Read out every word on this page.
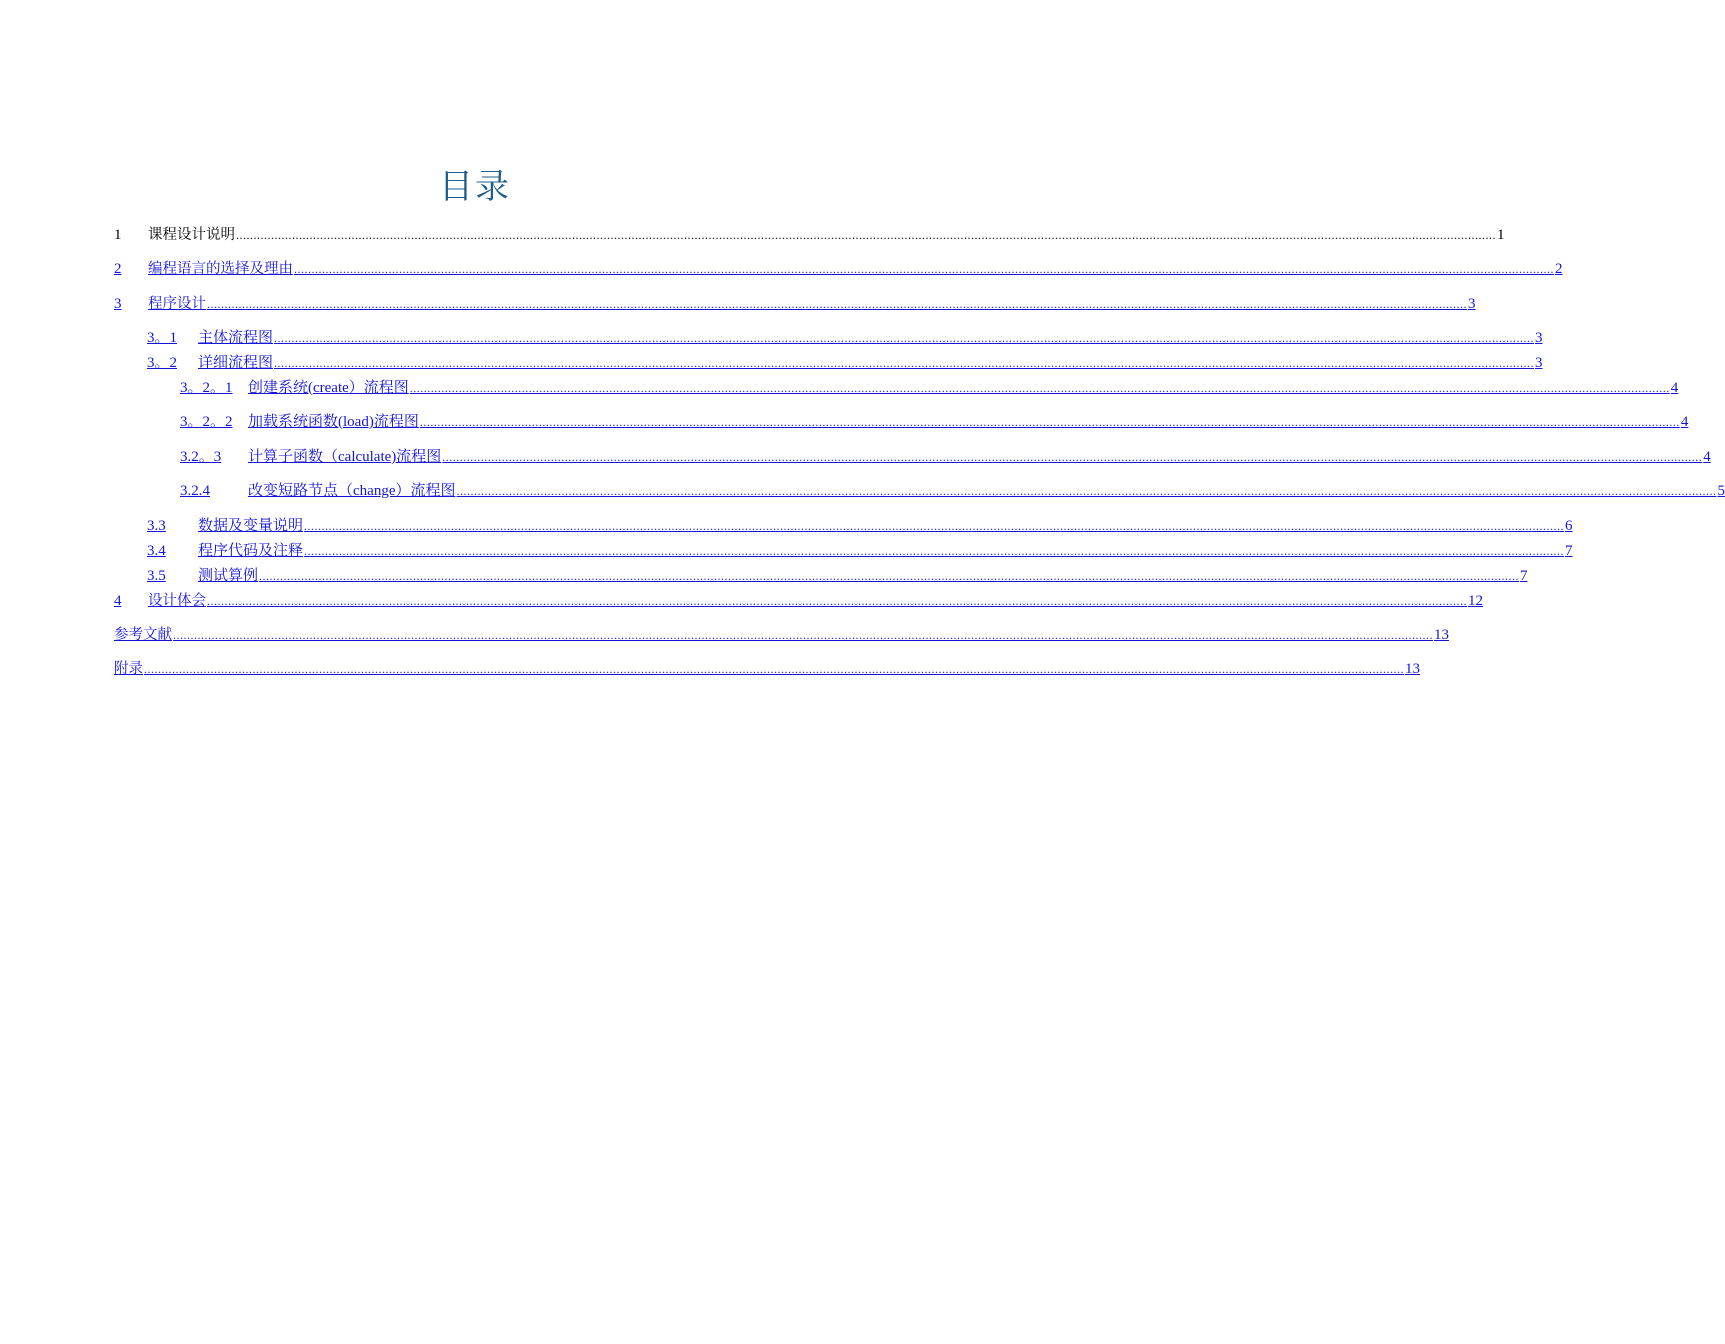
目录
1	课程设计说明 ........................................................................................................................................................................................................................................................................................................................................................................ 1
2	编程语言的选择及理由 ........................................................................................................................................................................................................................................................................................................................................................................ 2
3	程序设计 ........................................................................................................................................................................................................................................................................................................................................................................ 3
3。1	主体流程图 ........................................................................................................................................................................................................................................................................................................................................................................ 3
3。2	详细流程图 ........................................................................................................................................................................................................................................................................................................................................................................ 3
3。2。1	创建系统(create）流程图 ........................................................................................................................................................................................................................................................................................................................................................................ 4
3。2。2	加载系统函数(load)流程图 ........................................................................................................................................................................................................................................................................................................................................................................ 4
3.2。3	计算子函数（calculate)流程图 ........................................................................................................................................................................................................................................................................................................................................................................ 4
3.2.4	改变短路节点（change）流程图 ........................................................................................................................................................................................................................................................................................................................................................................ 5
3.3	数据及变量说明 ........................................................................................................................................................................................................................................................................................................................................................................ 6
3.4	程序代码及注释 ........................................................................................................................................................................................................................................................................................................................................................................ 7
3.5	测试算例 ........................................................................................................................................................................................................................................................................................................................................................................ 7
4	设计体会 ........................................................................................................................................................................................................................................................................................................................................................................ 12
参考文献 ........................................................................................................................................................................................................................................................................................................................................................................ 13
附录 ........................................................................................................................................................................................................................................................................................................................................................................ 13
